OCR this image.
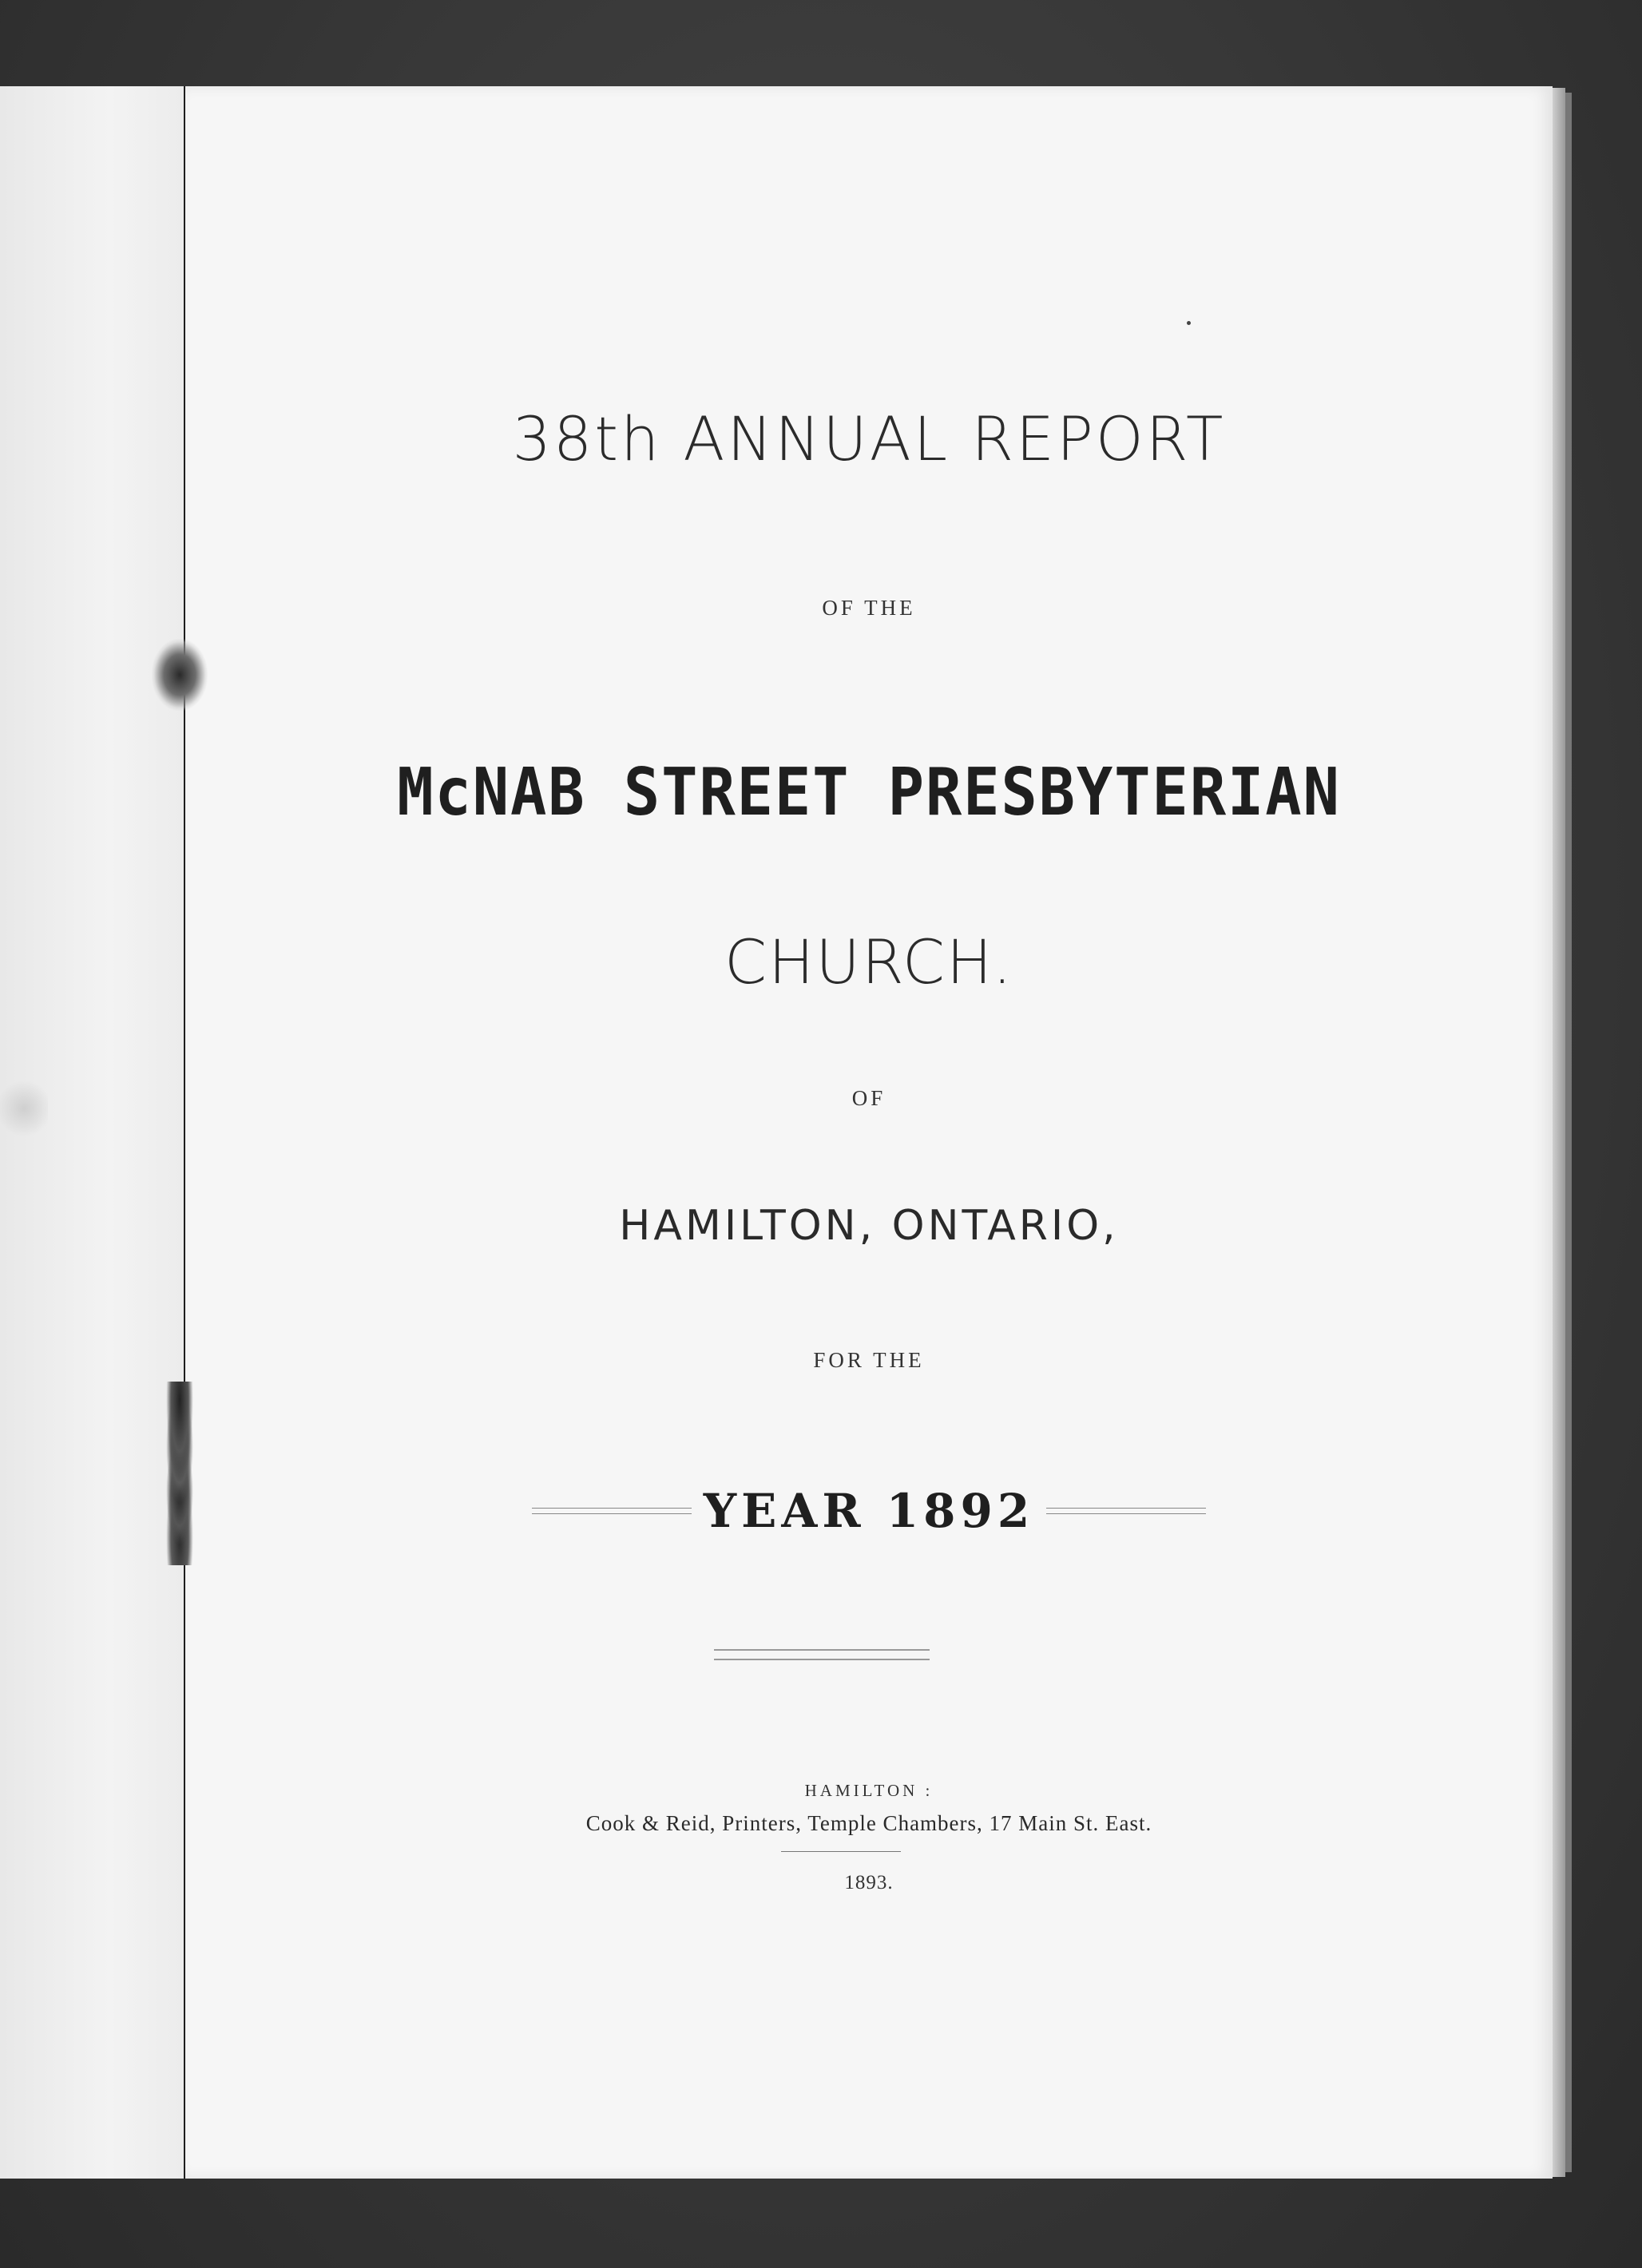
38th ANNUAL REPORT

OF THE

McNAB STREET PRESBYTERIAN

CHURCH.

OF

HAMILTON, ONTARIO,

FOR THE

YEAR 1892

HAMILTON :

Cook & Reid, Printers, Temple Chambers, 17 Main St. East.

1893.
